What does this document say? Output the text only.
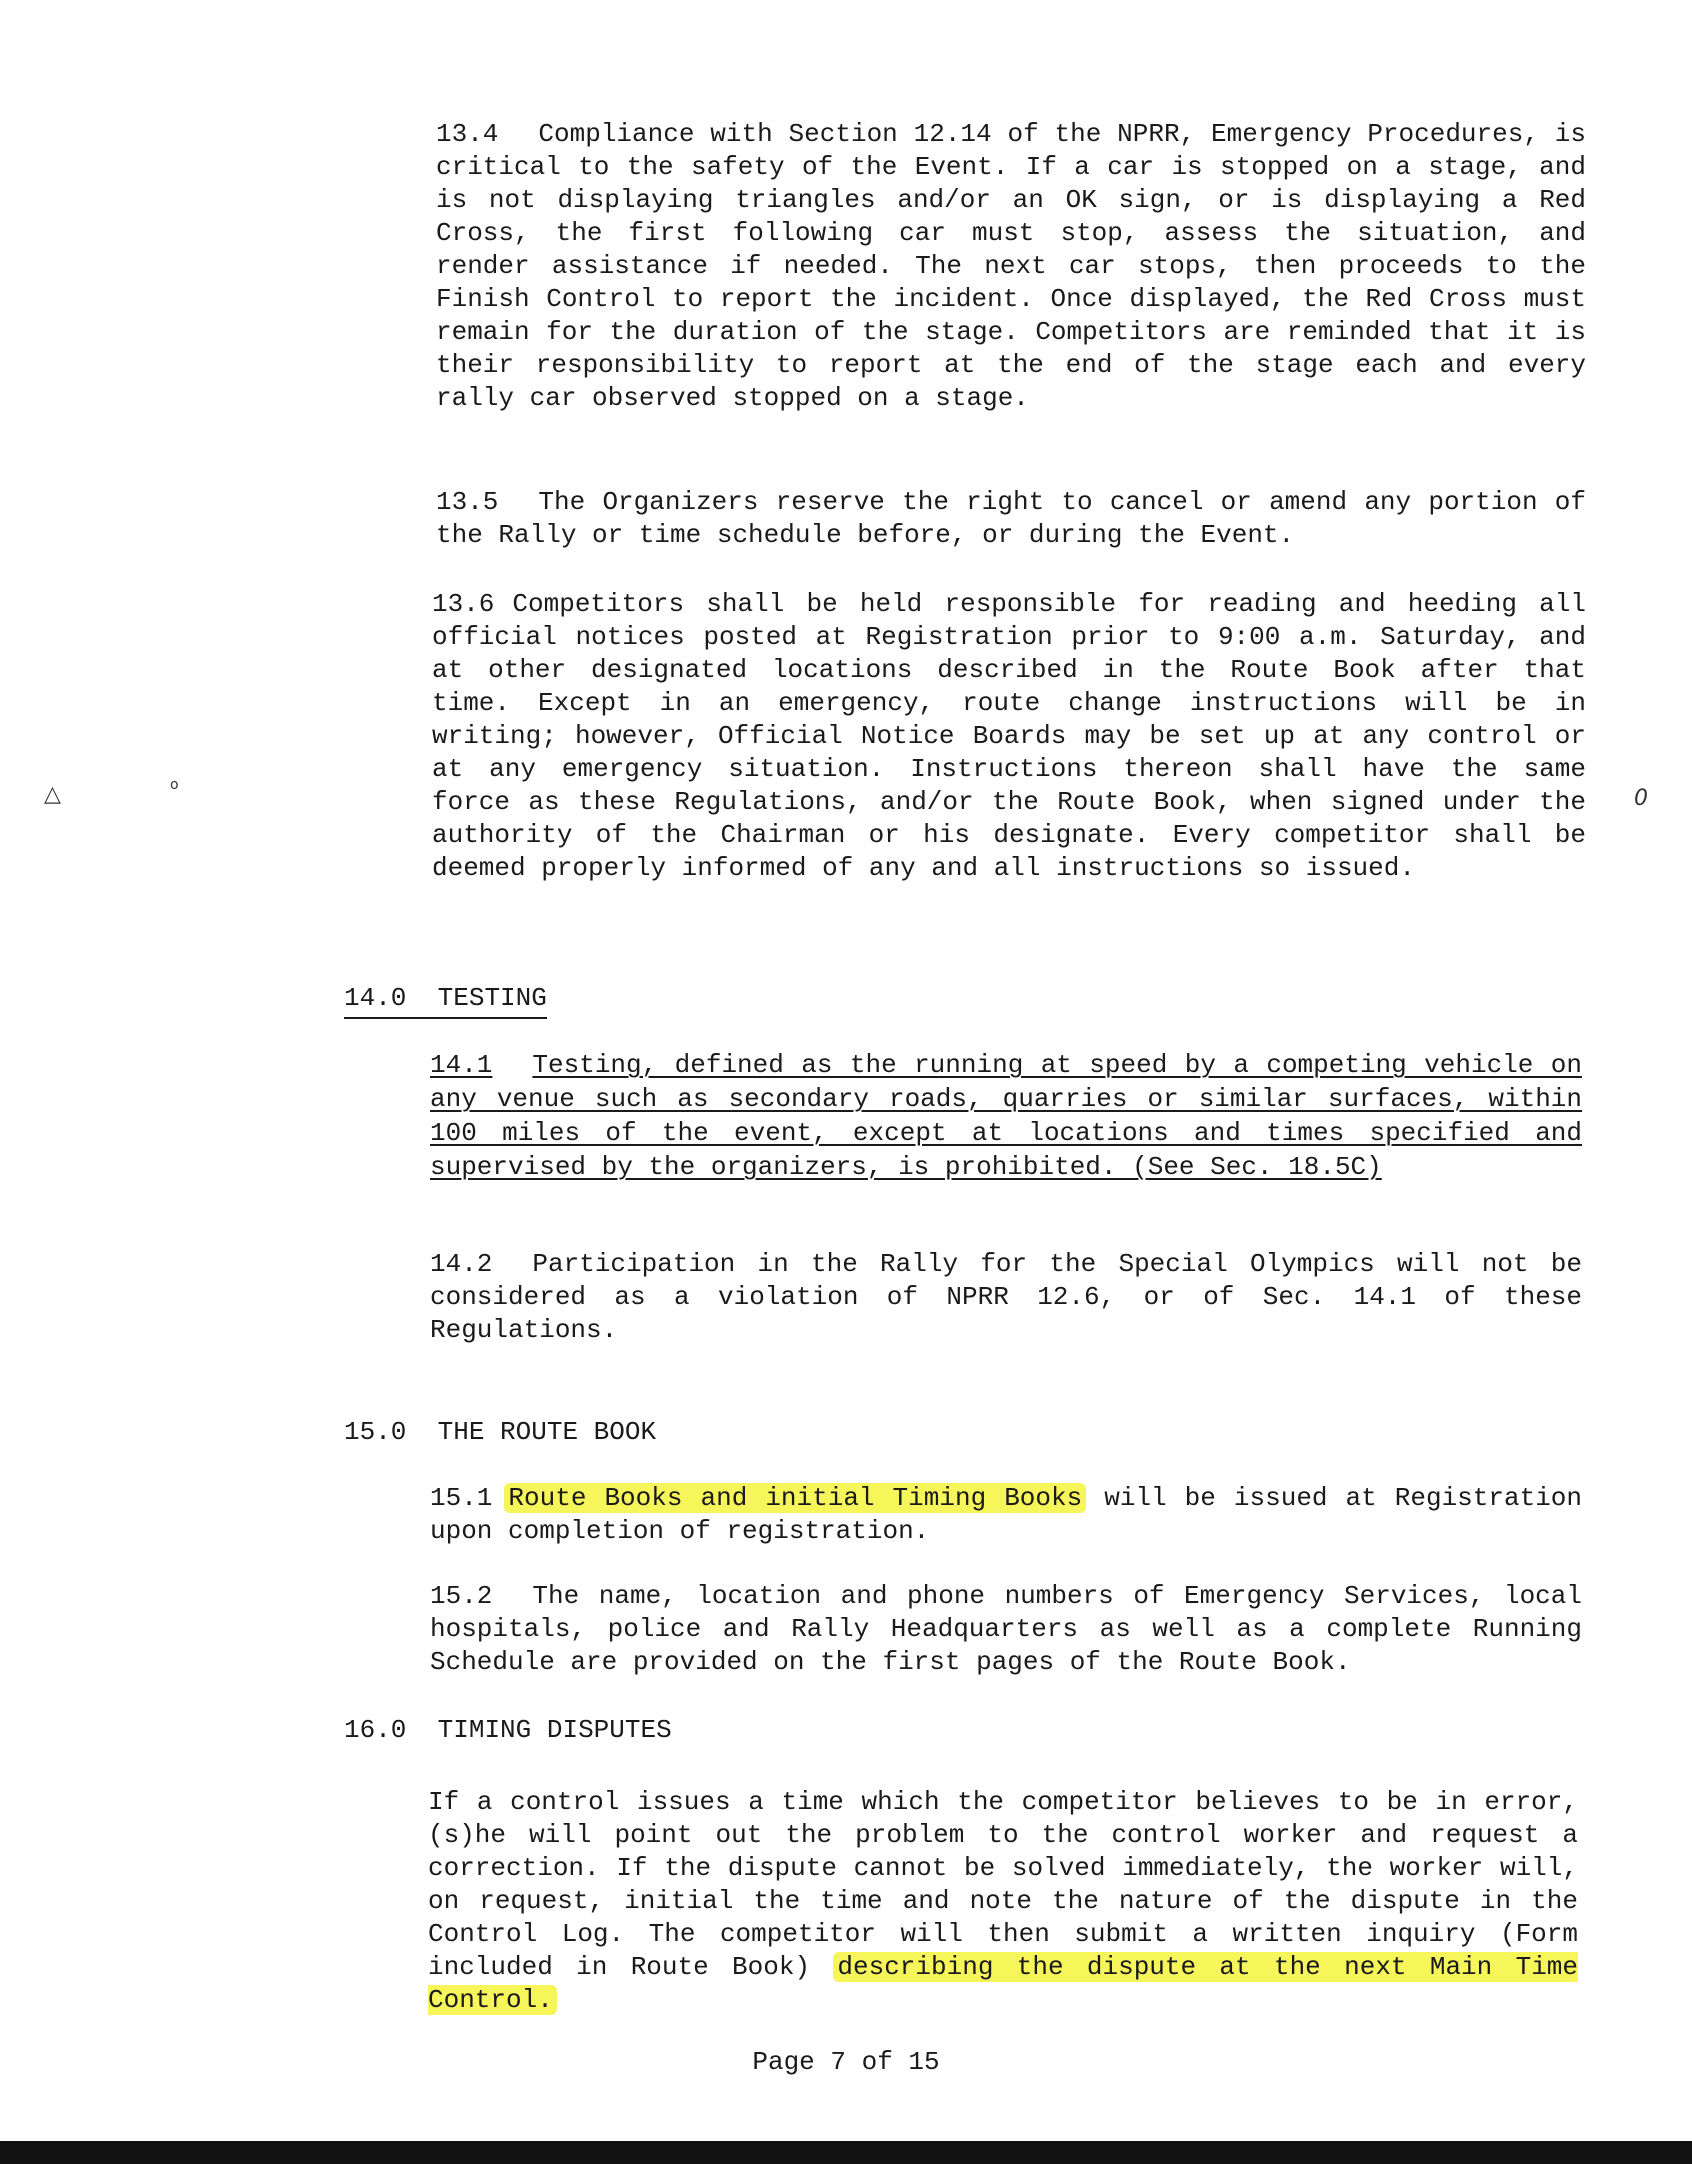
13.4 Compliance with Section 12.14 of the NPRR, Emergency Procedures, is critical to the safety of the Event. If a car is stopped on a stage, and is not displaying triangles and/or an OK sign, or is displaying a Red Cross, the first following car must stop, assess the situation, and render assistance if needed. The next car stops, then proceeds to the Finish Control to report the incident. Once displayed, the Red Cross must remain for the duration of the stage. Competitors are reminded that it is their responsibility to report at the end of the stage each and every rally car observed stopped on a stage.

13.5 The Organizers reserve the right to cancel or amend any portion of the Rally or time schedule before, or during the Event.

13.6 Competitors shall be held responsible for reading and heeding all official notices posted at Registration prior to 9:00 a.m. Saturday, and at other designated locations described in the Route Book after that time. Except in an emergency, route change instructions will be in writing; however, Official Notice Boards may be set up at any control or at any emergency situation. Instructions thereon shall have the same force as these Regulations, and/or the Route Book, when signed under the authority of the Chairman or his designate. Every competitor shall be deemed properly informed of any and all instructions so issued.

14.0 TESTING

14.1 Testing, defined as the running at speed by a competing vehicle on any venue such as secondary roads, quarries or similar surfaces, within 100 miles of the event, except at locations and times specified and supervised by the organizers, is prohibited. (See Sec. 18.5C)

14.2 Participation in the Rally for the Special Olympics will not be considered as a violation of NPRR 12.6, or of Sec. 14.1 of these Regulations.

15.0 THE ROUTE BOOK

15.1 Route Books and initial Timing Books will be issued at Registration upon completion of registration.

15.2 The name, location and phone numbers of Emergency Services, local hospitals, police and Rally Headquarters as well as a complete Running Schedule are provided on the first pages of the Route Book.

16.0 TIMING DISPUTES

If a control issues a time which the competitor believes to be in error, (s)he will point out the problem to the control worker and request a correction. If the dispute cannot be solved immediately, the worker will, on request, initial the time and note the nature of the dispute in the Control Log. The competitor will then submit a written inquiry (Form included in Route Book) describing the dispute at the next Main Time Control.

Page 7 of 15

△	o
0
